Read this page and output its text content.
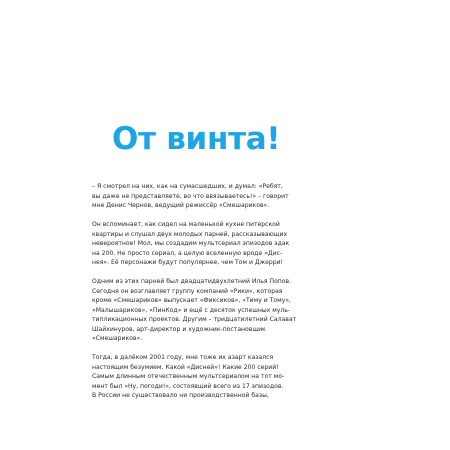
От винта!

– Я смотрел на них, как на сумасшедших, и думал: «Ребят,
вы даже не представляете, во что ввязываетесь!» – говорит
мне Денис Чернов, ведущий режиссёр «Смешариков».

Он вспоминает, как сидел на маленькой кухне питерской
квартиры и слушал двух молодых парней, рассказывающих
невероятное! Мол, мы создадим мультсериал эпизодов эдак
на 200. Не просто сериал, а целую вселенную вроде «Дис-
нея». Её персонажи будут популярнее, чем Том и Джерри!

Одним из этих парней был двадцатидвухлетний Илья Попов.
Сегодня он возглавляет группу компаний «Рики», которая
кроме «Смешариков» выпускает «Фиксиков», «Тиму и Тому»,
«Малышариков», «ПинКод» и ещё с десяток успешных муль-
типликационных проектов. Другим – тридцатилетний Салават
Шайхинуров, арт-директор и художник-постановщик
«Смешариков».

Тогда, в далёком 2001 году, мне тоже их азарт казался
настоящим безумием. Какой «Дисней»! Какие 200 серий!
Самым длинным отечественным мультсериалом на тот мо-
мент был «Ну, погоди!», состоявший всего из 17 эпизодов.
В России не существовало ни производственной базы,
